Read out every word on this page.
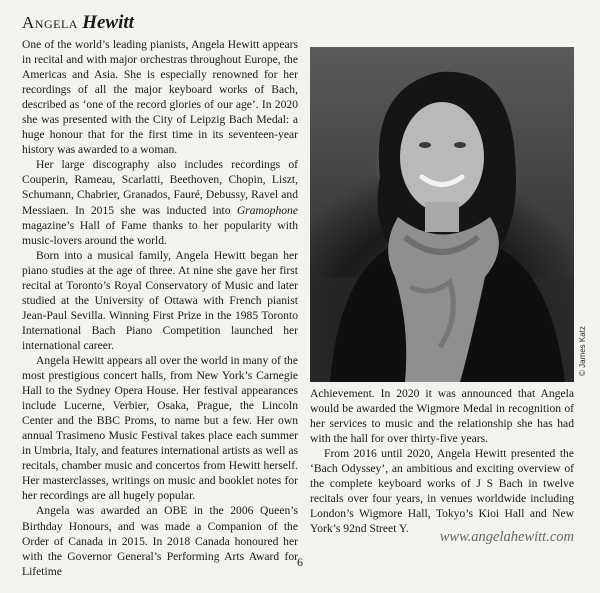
Angela Hewitt

One of the world’s leading pianists, Angela Hewitt appears in recital and with major orchestras throughout Europe, the Americas and Asia. She is especially renowned for her recordings of all the major keyboard works of Bach, described as ‘one of the record glories of our age’. In 2020 she was presented with the City of Leipzig Bach Medal: a huge honour that for the first time in its seventeen-year history was awarded to a woman.

Her large discography also includes recordings of Couperin, Rameau, Scarlatti, Beethoven, Chopin, Liszt, Schumann, Chabrier, Granados, Fauré, Debussy, Ravel and Messiaen. In 2015 she was inducted into Gramophone magazine’s Hall of Fame thanks to her popularity with music-lovers around the world.

Born into a musical family, Angela Hewitt began her piano studies at the age of three. At nine she gave her first recital at Toronto’s Royal Conservatory of Music and later studied at the University of Ottawa with French pianist Jean-Paul Sevilla. Winning First Prize in the 1985 Toronto International Bach Piano Competition launched her international career.

Angela Hewitt appears all over the world in many of the most prestigious concert halls, from New York’s Carnegie Hall to the Sydney Opera House. Her festival appearances include Lucerne, Verbier, Osaka, Prague, the Lincoln Center and the BBC Proms, to name but a few. Her own annual Trasimeno Music Festival takes place each summer in Umbria, Italy, and features international artists as well as recitals, chamber music and concertos from Hewitt herself. Her masterclasses, writings on music and booklet notes for her recordings are all hugely popular.

Angela was awarded an OBE in the 2006 Queen’s Birthday Honours, and was made a Companion of the Order of Canada in 2015. In 2018 Canada honoured her with the Governor General’s Performing Arts Award for Lifetime

© James Katz

Achievement. In 2020 it was announced that Angela would be awarded the Wigmore Medal in recognition of her services to music and the relationship she has had with the hall for over thirty-five years.

From 2016 until 2020, Angela Hewitt presented the ‘Bach Odyssey’, an ambitious and exciting overview of the complete keyboard works of J S Bach in twelve recitals over four years, in venues worldwide including London’s Wigmore Hall, Tokyo’s Kioi Hall and New York’s 92nd Street Y.

www.angelahewitt.com
6
